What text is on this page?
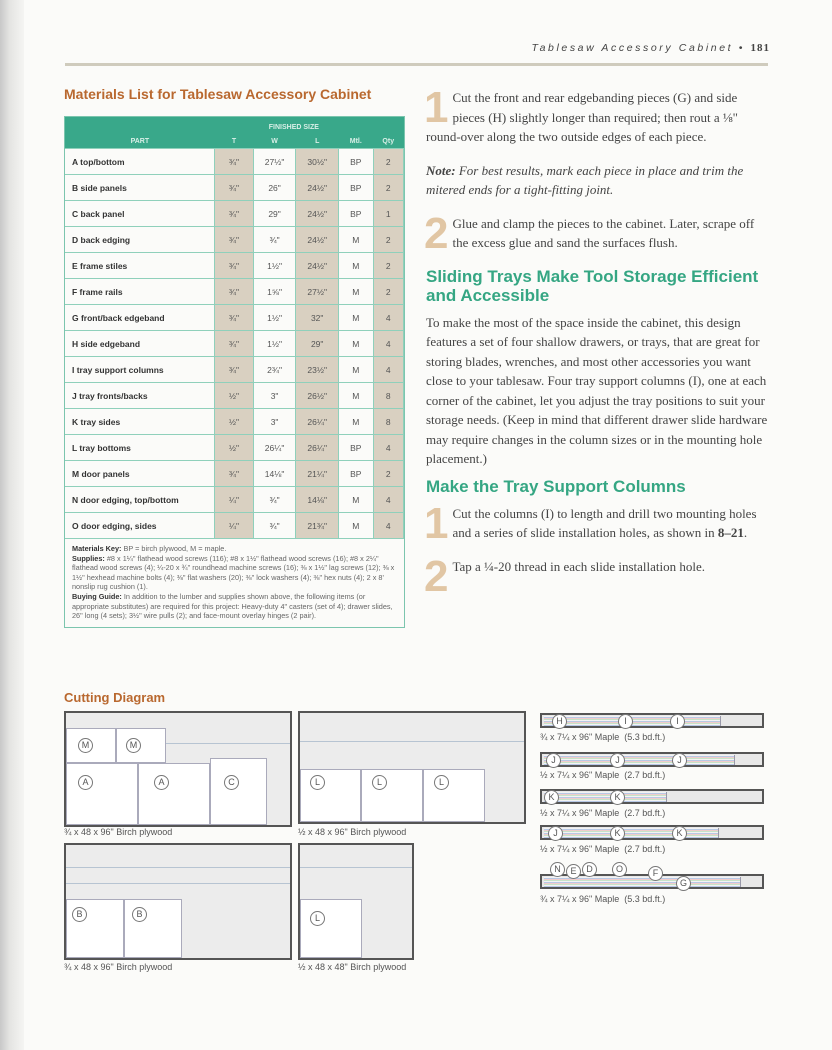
Tablesaw Accessory Cabinet • 181
Materials List for Tablesaw Accessory Cabinet
	FINISHED SIZE				
PART	T	W	L	Mtl.	Qty
A top/bottom	¾"	27½"	30½"	BP	2
B side panels	¾"	26"	24½"	BP	2
C back panel	¾"	29"	24½"	BP	1
D back edging	¾"	¾"	24½"	M	2
E frame stiles	¾"	1½"	24½"	M	2
F frame rails	¾"	1⅝"	27½"	M	2
G front/back edgeband	¾"	1½"	32"	M	4
H side edgeband	¾"	1½"	29"	M	4
I tray support columns	¾"	2¾"	23½"	M	4
J tray fronts/backs	½"	3"	26½"	M	8
K tray sides	½"	3"	26¼"	M	8
L tray bottoms	½"	26¼"	26¼"	BP	4
M door panels	¾"	14⅛"	21¼"	BP	2
N door edging, top/bottom	¼"	¾"	14⅛"	M	4
O door edging, sides	¼"	¾"	21¾"	M	4
Materials Key: BP = birch plywood, M = maple.
Supplies: #8 x 1¼" flathead wood screws (116); #8 x 1½" flathead wood screws (16); #8 x 2¼" flathead wood screws (4); ¼-20 x ¾" roundhead machine screws (16); ⅜ x 1½" lag screws (12); ⅜ x 1½" hexhead machine bolts (4); ⅜" flat washers (20); ⅜" lock washers (4); ⅜" hex nuts (4); 2 x 8' nonslip rug cushion (1).
Buying Guide: In addition to the lumber and supplies shown above, the following items (or appropriate substitutes) are required for this project: Heavy-duty 4" casters (set of 4); drawer slides, 26" long (4 sets); 3½" wire pulls (2); and face-mount overlay hinges (2 pair).
1 Cut the front and rear edgebanding pieces (G) and side pieces (H) slightly longer than required; then rout a ⅛" round-over along the two outside edges of each piece.
Note: For best results, mark each piece in place and trim the mitered ends for a tight-fitting joint.
2 Glue and clamp the pieces to the cabinet. Later, scrape off the excess glue and sand the surfaces flush.
Sliding Trays Make Tool Storage Efficient and Accessible

To make the most of the space inside the cabinet, this design features a set of four shallow drawers, or trays, that are great for storing blades, wrenches, and most other accessories you want close to your tablesaw. Four tray support columns (I), one at each corner of the cabinet, let you adjust the tray positions to suit your storage needs. (Keep in mind that different drawer slide hardware may require changes in the column sizes or in the mounting hole placement.)

Make the Tray Support Columns
1 Cut the columns (I) to length and drill two mounting holes and a series of slide installation holes, as shown in 8–21.
2 Tap a ¼-20 thread in each slide installation hole.
Cutting Diagram
M	M
A	A	C
¾ x 48 x 96" Birch plywood
L	L	L
½ x 48 x 96" Birch plywood
B	B
¾ x 48 x 96" Birch plywood
L
½ x 48 x 48" Birch plywood
H	I	I
¾ x 7¼ x 96" Maple (5.3 bd.ft.)
J	J	J
½ x 7¼ x 96" Maple (2.7 bd.ft.)
K	K
½ x 7¼ x 96" Maple (2.7 bd.ft.)
J	K	K
½ x 7¼ x 96" Maple (2.7 bd.ft.)
G
N	E	D	O	F
¾ x 7¼ x 96" Maple (5.3 bd.ft.)
